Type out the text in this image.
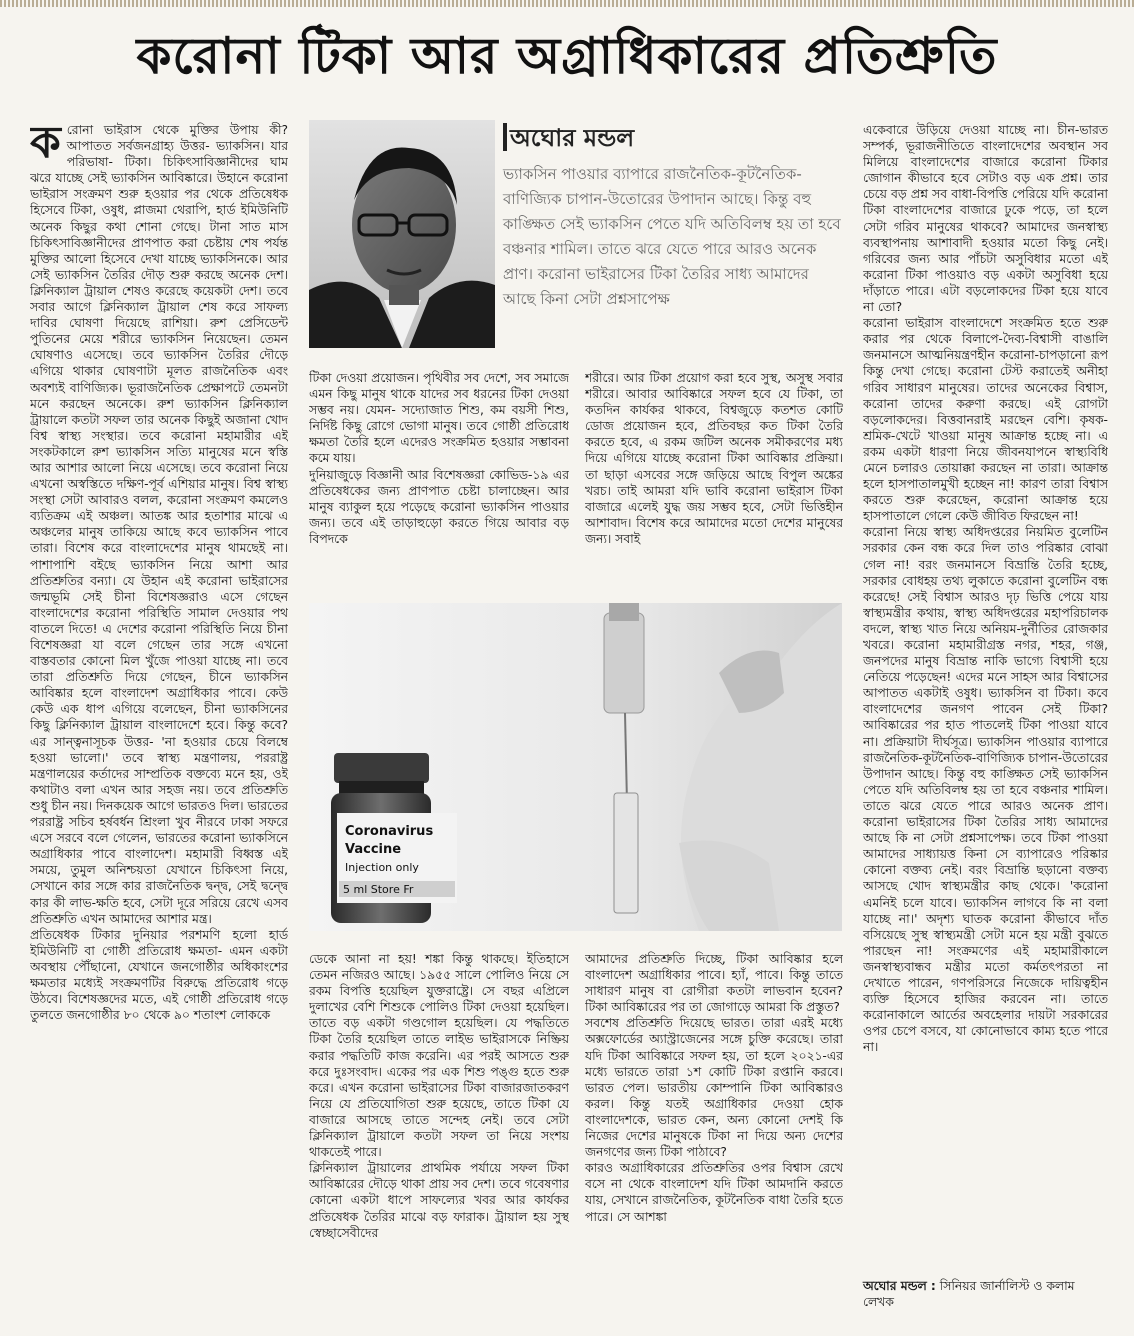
করোনা টিকা আর অগ্রাধিকারের প্রতিশ্রুতি

করোনা ভাইরাস থেকে মুক্তির উপায় কী? আপাতত সর্বজনগ্রাহ্য উত্তর- ভ্যাকসিন। যার পরিভাষা- টিকা। চিকিৎসাবিজ্ঞানীদের ঘাম ঝরে যাচ্ছে সেই ভ্যাকসিন আবিষ্কারে। উহানে করোনা ভাইরাস সংক্রমণ শুরু হওয়ার পর থেকে প্রতিষেধক হিসেবে টিকা, ওষুধ, প্লাজমা থেরাপি, হার্ড ইমিউনিটি অনেক কিছুর কথা শোনা গেছে। টানা সাত মাস চিকিৎসাবিজ্ঞানীদের প্রাণপাত করা চেষ্টায় শেষ পর্যন্ত মুক্তির আলো হিসেবে দেখা যাচ্ছে ভ্যাকসিনকে। আর সেই ভ্যাকসিন তৈরির দৌড় শুরু করছে অনেক দেশ। ক্লিনিক্যাল ট্রায়াল শেষও করেছে কয়েকটা দেশ। তবে সবার আগে ক্লিনিক্যাল ট্রায়াল শেষ করে সাফল্য দাবির ঘোষণা দিয়েছে রাশিয়া। রুশ প্রেসিডেন্ট পুতিনের মেয়ে শরীরে ভ্যাকসিন নিয়েছেন। তেমন ঘোষণাও এসেছে। তবে ভ্যাকসিন তৈরির দৌড়ে এগিয়ে থাকার ঘোষণাটা মূলত রাজনৈতিক এবং অবশ্যই বাণিজ্যিক। ভূরাজনৈতিক প্রেক্ষাপটে তেমনটা মনে করছেন অনেকে। রুশ ভ্যাকসিন ক্লিনিক্যাল ট্রায়ালে কতটা সফল তার অনেক কিছুই অজানা খোদ বিশ্ব স্বাস্থ্য সংস্থার। তবে করোনা মহামারীর এই সংকটকালে রুশ ভ্যাকসিন সত্যি মানুষের মনে স্বস্তি আর আশার আলো নিয়ে এসেছে। তবে করোনা নিয়ে এখনো অস্বস্তিতে দক্ষিণ-পূর্ব এশিয়ার মানুষ। বিশ্ব স্বাস্থ্য সংস্থা সেটা আবারও বলল, করোনা সংক্রমণ কমলেও ব্যতিক্রম এই অঞ্চল। আতঙ্ক আর হতাশার মাঝে এ অঞ্চলের মানুষ তাকিয়ে আছে কবে ভ্যাকসিন পাবে তারা। বিশেষ করে বাংলাদেশের মানুষ থামছেই না। পাশাপাশি বইছে ভ্যাকসিন নিয়ে আশা আর প্রতিশ্রুতির বন্যা। যে উহান এই করোনা ভাইরাসের জন্মভূমি সেই চীনা বিশেষজ্ঞরাও এসে গেছেন বাংলাদেশের করোনা পরিস্থিতি সামাল দেওয়ার পথ বাতলে দিতে! এ দেশের করোনা পরিস্থিতি নিয়ে চীনা বিশেষজ্ঞরা যা বলে গেছেন তার সঙ্গে এখনো বাস্তবতার কোনো মিল খুঁজে পাওয়া যাচ্ছে না। তবে তারা প্রতিশ্রুতি দিয়ে গেছেন, চীনে ভ্যাকসিন আবিষ্কার হলে বাংলাদেশ অগ্রাধিকার পাবে। কেউ কেউ এক ধাপ এগিয়ে বলেছেন, চীনা ভ্যাকসিনের কিছু ক্লিনিক্যাল ট্রায়াল বাংলাদেশে হবে। কিন্তু কবে? এর সান্ত্বনাসূচক উত্তর- 'না হওয়ার চেয়ে বিলম্বে হওয়া ভালো।' তবে স্বাস্থ্য মন্ত্রণালয়, পররাষ্ট্র মন্ত্রণালয়ের কর্তাদের সাম্প্রতিক বক্তব্যে মনে হয়, ওই কথাটাও বলা এখন আর সহজ নয়। তবে প্রতিশ্রুতি শুধু চীন নয়। দিনকয়েক আগে ভারতও দিল। ভারতের পররাষ্ট্র সচিব হর্ষবর্ধন শ্রিংলা খুব নীরবে ঢাকা সফরে এসে সরবে বলে গেলেন, ভারতের করোনা ভ্যাকসিনে অগ্রাধিকার পাবে বাংলাদেশ। মহামারী বিধ্বস্ত এই সময়ে, তুমুল অনিশ্চয়তা যেখানে চিকিৎসা নিয়ে, সেখানে কার সঙ্গে কার রাজনৈতিক দ্বন্দ্ব, সেই দ্বন্দ্বে কার কী লাভ-ক্ষতি হবে, সেটা দূরে সরিয়ে রেখে এসব প্রতিশ্রুতি এখন আমাদের আশার মন্ত্র।

প্রতিষেধক টিকার দুনিয়ার পরশমণি হলো হার্ড ইমিউনিটি বা গোষ্ঠী প্রতিরোধ ক্ষমতা- এমন একটা অবস্থায় পৌঁছানো, যেখানে জনগোষ্ঠীর অধিকাংশের ক্ষমতার মধ্যেই সংক্রমণটির বিরুদ্ধে প্রতিরোধ গড়ে উঠবে। বিশেষজ্ঞদের মতে, এই গোষ্ঠী প্রতিরোধ গড়ে তুলতে জনগোষ্ঠীর ৮০ থেকে ৯০ শতাংশ লোককে

অঘোর মন্ডল
ভ্যাকসিন পাওয়ার ব্যাপারে রাজনৈতিক-কূটনৈতিক-বাণিজ্যিক চাপান-উতোরের উপাদান আছে। কিন্তু বহু কাঙ্ক্ষিত সেই ভ্যাকসিন পেতে যদি অতিবিলম্ব হয় তা হবে বঞ্চনার শামিল। তাতে ঝরে যেতে পারে আরও অনেক প্রাণ। করোনা ভাইরাসের টিকা তৈরির সাধ্য আমাদের আছে কিনা সেটা প্রশ্নসাপেক্ষ

টিকা দেওয়া প্রয়োজন। পৃথিবীর সব দেশে, সব সমাজে এমন কিছু মানুষ থাকে যাদের সব ধরনের টিকা দেওয়া সম্ভব নয়। যেমন- সদ্যোজাত শিশু, কম বয়সী শিশু, নির্দিষ্ট কিছু রোগে ভোগা মানুষ। তবে গোষ্ঠী প্রতিরোধ ক্ষমতা তৈরি হলে এদেরও সংক্রমিত হওয়ার সম্ভাবনা কমে যায়।

দুনিয়াজুড়ে বিজ্ঞানী আর বিশেষজ্ঞরা কোভিড-১৯ এর প্রতিষেধকের জন্য প্রাণপাত চেষ্টা চালাচ্ছেন। আর মানুষ ব্যাকুল হয়ে পড়েছে করোনা ভ্যাকসিন পাওয়ার জন্য। তবে এই তাড়াহুড়ো করতে গিয়ে আবার বড় বিপদকে

শরীরে। আর টিকা প্রয়োগ করা হবে সুস্থ, অসুস্থ সবার শরীরে। আবার আবিষ্কারে সফল হবে যে টিকা, তা কতদিন কার্যকর থাকবে, বিশ্বজুড়ে কতশত কোটি ডোজ প্রয়োজন হবে, প্রতিবছর কত টিকা তৈরি করতে হবে, এ রকম জটিল অনেক সমীকরণের মধ্য দিয়ে এগিয়ে যাচ্ছে করোনা টিকা আবিষ্কার প্রক্রিয়া। তা ছাড়া এসবের সঙ্গে জড়িয়ে আছে বিপুল অঙ্কের খরচ। তাই আমরা যদি ভাবি করোনা ভাইরাস টিকা বাজারে এলেই যুদ্ধ জয় সম্ভব হবে, সেটা ভিত্তিহীন আশাবাদ। বিশেষ করে আমাদের মতো দেশের মানুষের জন্য। সবাই

Coronavirus
Vaccine
Injection only
5 ml Store Fr

ডেকে আনা না হয়! শঙ্কা কিন্তু থাকছে। ইতিহাসে তেমন নজিরও আছে। ১৯৫৫ সালে পোলিও নিয়ে সে রকম বিপত্তি হয়েছিল যুক্তরাষ্ট্রে। সে বছর এপ্রিলে দুলাখের বেশি শিশুকে পোলিও টিকা দেওয়া হয়েছিল। তাতে বড় একটা গণ্ডগোল হয়েছিল। যে পদ্ধতিতে টিকা তৈরি হয়েছিল তাতে লাইভ ভাইরাসকে নিষ্ক্রিয় করার পদ্ধতিটি কাজ করেনি। এর পরই আসতে শুরু করে দুঃসংবাদ। একের পর এক শিশু পঙ্গু হতে শুরু করে। এখন করোনা ভাইরাসের টিকা বাজারজাতকরণ নিয়ে যে প্রতিযোগিতা শুরু হয়েছে, তাতে টিকা যে বাজারে আসছে তাতে সন্দেহ নেই। তবে সেটা ক্লিনিক্যাল ট্রায়ালে কতটা সফল তা নিয়ে সংশয় থাকতেই পারে।

ক্লিনিক্যাল ট্রায়ালের প্রাথমিক পর্যায়ে সফল টিকা আবিষ্কারের দৌড়ে থাকা প্রায় সব দেশ। তবে গবেষণার কোনো একটা ধাপে সাফল্যের খবর আর কার্যকর প্রতিষেধক তৈরির মাঝে বড় ফারাক। ট্রায়াল হয় সুস্থ স্বেচ্ছাসেবীদের

আমাদের প্রতিশ্রুতি দিচ্ছে, টিকা আবিষ্কার হলে বাংলাদেশ অগ্রাধিকার পাবে। হ্যাঁ, পাবে। কিন্তু তাতে সাধারণ মানুষ বা রোগীরা কতটা লাভবান হবেন? টিকা আবিষ্কারের পর তা জোগাড়ে আমরা কি প্রস্তুত?

সবশেষ প্রতিশ্রুতি দিয়েছে ভারত। তারা এরই মধ্যে অক্সফোর্ডের অ্যাস্ট্রাজেনের সঙ্গে চুক্তি করেছে। তারা যদি টিকা আবিষ্কারে সফল হয়, তা হলে ২০২১-এর মধ্যে ভারতে তারা ১শ কোটি টিকা রপ্তানি করবে। ভারত পেল। ভারতীয় কোম্পানি টিকা আবিষ্কারও করল। কিন্তু যতই অগ্রাধিকার দেওয়া হোক বাংলাদেশকে, ভারত কেন, অন্য কোনো দেশই কি নিজের দেশের মানুষকে টিকা না দিয়ে অন্য দেশের জনগণের জন্য টিকা পাঠাবে?

কারও অগ্রাধিকারের প্রতিশ্রুতির ওপর বিশ্বাস রেখে বসে না থেকে বাংলাদেশ যদি টিকা আমদানি করতে যায়, সেখানে রাজনৈতিক, কূটনৈতিক বাধা তৈরি হতে পারে। সে আশঙ্কা

একেবারে উড়িয়ে দেওয়া যাচ্ছে না। চীন-ভারত সম্পর্ক, ভূরাজনীতিতে বাংলাদেশের অবস্থান সব মিলিয়ে বাংলাদেশের বাজারে করোনা টিকার জোগান কীভাবে হবে সেটাও বড় এক প্রশ্ন। তার চেয়ে বড় প্রশ্ন সব বাধা-বিপত্তি পেরিয়ে যদি করোনা টিকা বাংলাদেশের বাজারে ঢুকে পড়ে, তা হলে সেটা গরিব মানুষের থাকবে? আমাদের জনস্বাস্থ্য ব্যবস্থাপনায় আশাবাদী হওয়ার মতো কিছু নেই। গরিবের জন্য আর পাঁচটা অসুবিধার মতো এই করোনা টিকা পাওয়াও বড় একটা অসুবিধা হয়ে দাঁড়াতে পারে। এটা বড়লোকদের টিকা হয়ে যাবে না তো?

করোনা ভাইরাস বাংলাদেশে সংক্রমিত হতে শুরু করার পর থেকে বিলাপে-দৈব্য-বিশ্বাসী বাঙালি জনমানসে আত্মনিয়ন্ত্রণহীন করোনা-চাপড়ানো রূপ কিন্তু দেখা গেছে। করোনা টেস্ট করাতেই অনীহা গরিব সাধারণ মানুষের। তাদের অনেকের বিশ্বাস, করোনা তাদের করুণা করছে। এই রোগটা বড়লোকদের। বিত্তবানরাই মরছেন বেশি। কৃষক-শ্রমিক-খেটে খাওয়া মানুষ আক্রান্ত হচ্ছে না। এ রকম একটা ধারণা নিয়ে জীবনযাপনে স্বাস্থ্যবিধি মেনে চলারও তোয়াক্কা করছেন না তারা। আক্রান্ত হলে হাসপাতালমুখী হচ্ছেন না! কারণ তারা বিশ্বাস করতে শুরু করেছেন, করোনা আক্রান্ত হয়ে হাসপাতালে গেলে কেউ জীবিত ফিরছেন না!

করোনা নিয়ে স্বাস্থ্য অধিদপ্তরের নিয়মিত বুলেটিন সরকার কেন বন্ধ করে দিল তাও পরিষ্কার বোঝা গেল না! বরং জনমানসে বিভ্রান্তি তৈরি হচ্ছে, সরকার বোধহয় তথ্য লুকাতে করোনা বুলেটিন বন্ধ করেছে! সেই বিশ্বাস আরও দৃঢ় ভিত্তি পেয়ে যায় স্বাস্থ্যমন্ত্রীর কথায়, স্বাস্থ্য অধিদপ্তরের মহাপরিচালক বদলে, স্বাস্থ্য খাত নিয়ে অনিয়ম-দুর্নীতির রোজকার খবরে। করোনা মহামারীগ্রস্ত নগর, শহর, গঞ্জ, জনপদের মানুষ বিভ্রান্ত নাকি ভাগ্যে বিশ্বাসী হয়ে নেতিয়ে পড়েছেন! এদের মনে সাহস আর বিশ্বাসের আপাতত একটাই ওষুধ। ভ্যাকসিন বা টিকা। কবে বাংলাদেশের জনগণ পাবেন সেই টিকা? আবিষ্কারের পর হাত পাতলেই টিকা পাওয়া যাবে না। প্রক্রিয়াটা দীর্ঘসূত্র। ভ্যাকসিন পাওয়ার ব্যাপারে রাজনৈতিক-কূটনৈতিক-বাণিজ্যিক চাপান-উতোরের উপাদান আছে। কিন্তু বহু কাঙ্ক্ষিত সেই ভ্যাকসিন পেতে যদি অতিবিলম্ব হয় তা হবে বঞ্চনার শামিল। তাতে ঝরে যেতে পারে আরও অনেক প্রাণ। করোনা ভাইরাসের টিকা তৈরির সাধ্য আমাদের আছে কি না সেটা প্রশ্নসাপেক্ষ। তবে টিকা পাওয়া আমাদের সাধ্যায়ত্ত কিনা সে ব্যাপারেও পরিষ্কার কোনো বক্তব্য নেই। বরং বিভ্রান্তি ছড়ানো বক্তব্য আসছে খোদ স্বাস্থ্যমন্ত্রীর কাছ থেকে। 'করোনা এমনিই চলে যাবে। ভ্যাকসিন লাগবে কি না বলা যাচ্ছে না।' অদৃশ্য ঘাতক করোনা কীভাবে দাঁত বসিয়েছে সুস্থ স্বাস্থ্যমন্ত্রী সেটা মনে হয় মন্ত্রী বুঝতে পারছেন না! সংক্রমণের এই মহামারীকালে জনস্বাস্থ্যবান্ধব মন্ত্রীর মতো কর্মতৎপরতা না দেখাতে পারেন, গণপরিসরে নিজেকে দায়িত্বহীন ব্যক্তি হিসেবে হাজির করবেন না। তাতে করোনাকালে আর্তের অবহেলার দায়টা সরকারের ওপর চেপে বসবে, যা কোনোভাবে কাম্য হতে পারে না।

অঘোর মন্ডল : সিনিয়র জার্নালিস্ট ও কলাম লেখক
